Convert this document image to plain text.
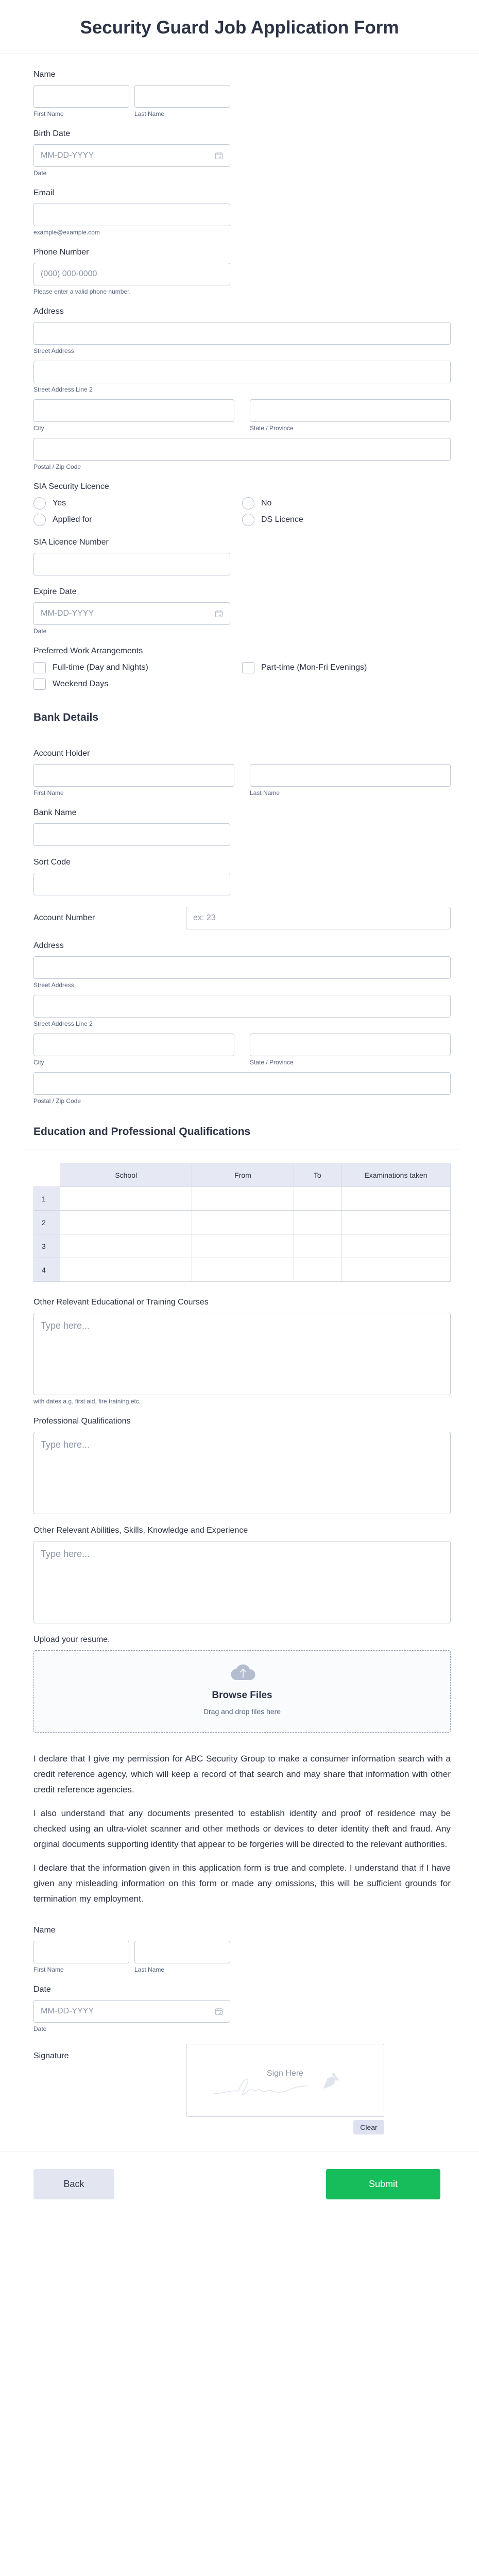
Security Guard Job Application Form
Name
First Name	Last Name
Birth Date
MM-DD-YYYY
Date
Email
example@example.com
Phone Number
(000) 000-0000
Please enter a valid phone number.
Address
Street Address
Street Address Line 2
City	State / Province
Postal / Zip Code
SIA Security Licence
Yes	No
Applied for	DS Licence
SIA Licence Number
Expire Date
MM-DD-YYYY
Date
Preferred Work Arrangements
Full-time (Day and Nights)	Part-time (Mon-Fri Evenings)
Weekend Days
Bank Details
Account Holder
First Name	Last Name
Bank Name
Sort Code
Account Number	ex: 23
Address
Street Address
Street Address Line 2
City	State / Province
Postal / Zip Code
Education and Professional Qualifications
	School	From	To	Examinations taken
1				
2				
3				
4				
Other Relevant Educational or Training Courses
Type here...
with dates a.g. first aid, fire training etc.
Professional Qualifications
Type here...
Other Relevant Abilities, Skills, Knowledge and Experience
Type here...
Upload your resume.
Browse Files
Drag and drop files here

I declare that I give my permission for ABC Security Group to make a consumer information search with a credit reference agency, which will keep a record of that search and may share that information with other credit reference agencies.

I also understand that any documents presented to establish identity and proof of residence may be checked using an ultra-violet scanner and other methods or devices to deter identity theft and fraud. Any orginal documents supporting identity that appear to be forgeries will be directed to the relevant authorities.

I declare that the information given in this application form is true and complete. I understand that if I have given any misleading information on this form or made any omissions, this will be sufficient grounds for termination my employment.

Name
First Name	Last Name
Date
MM-DD-YYYY
Date
Signature
Sign Here
Clear
Back	Submit
